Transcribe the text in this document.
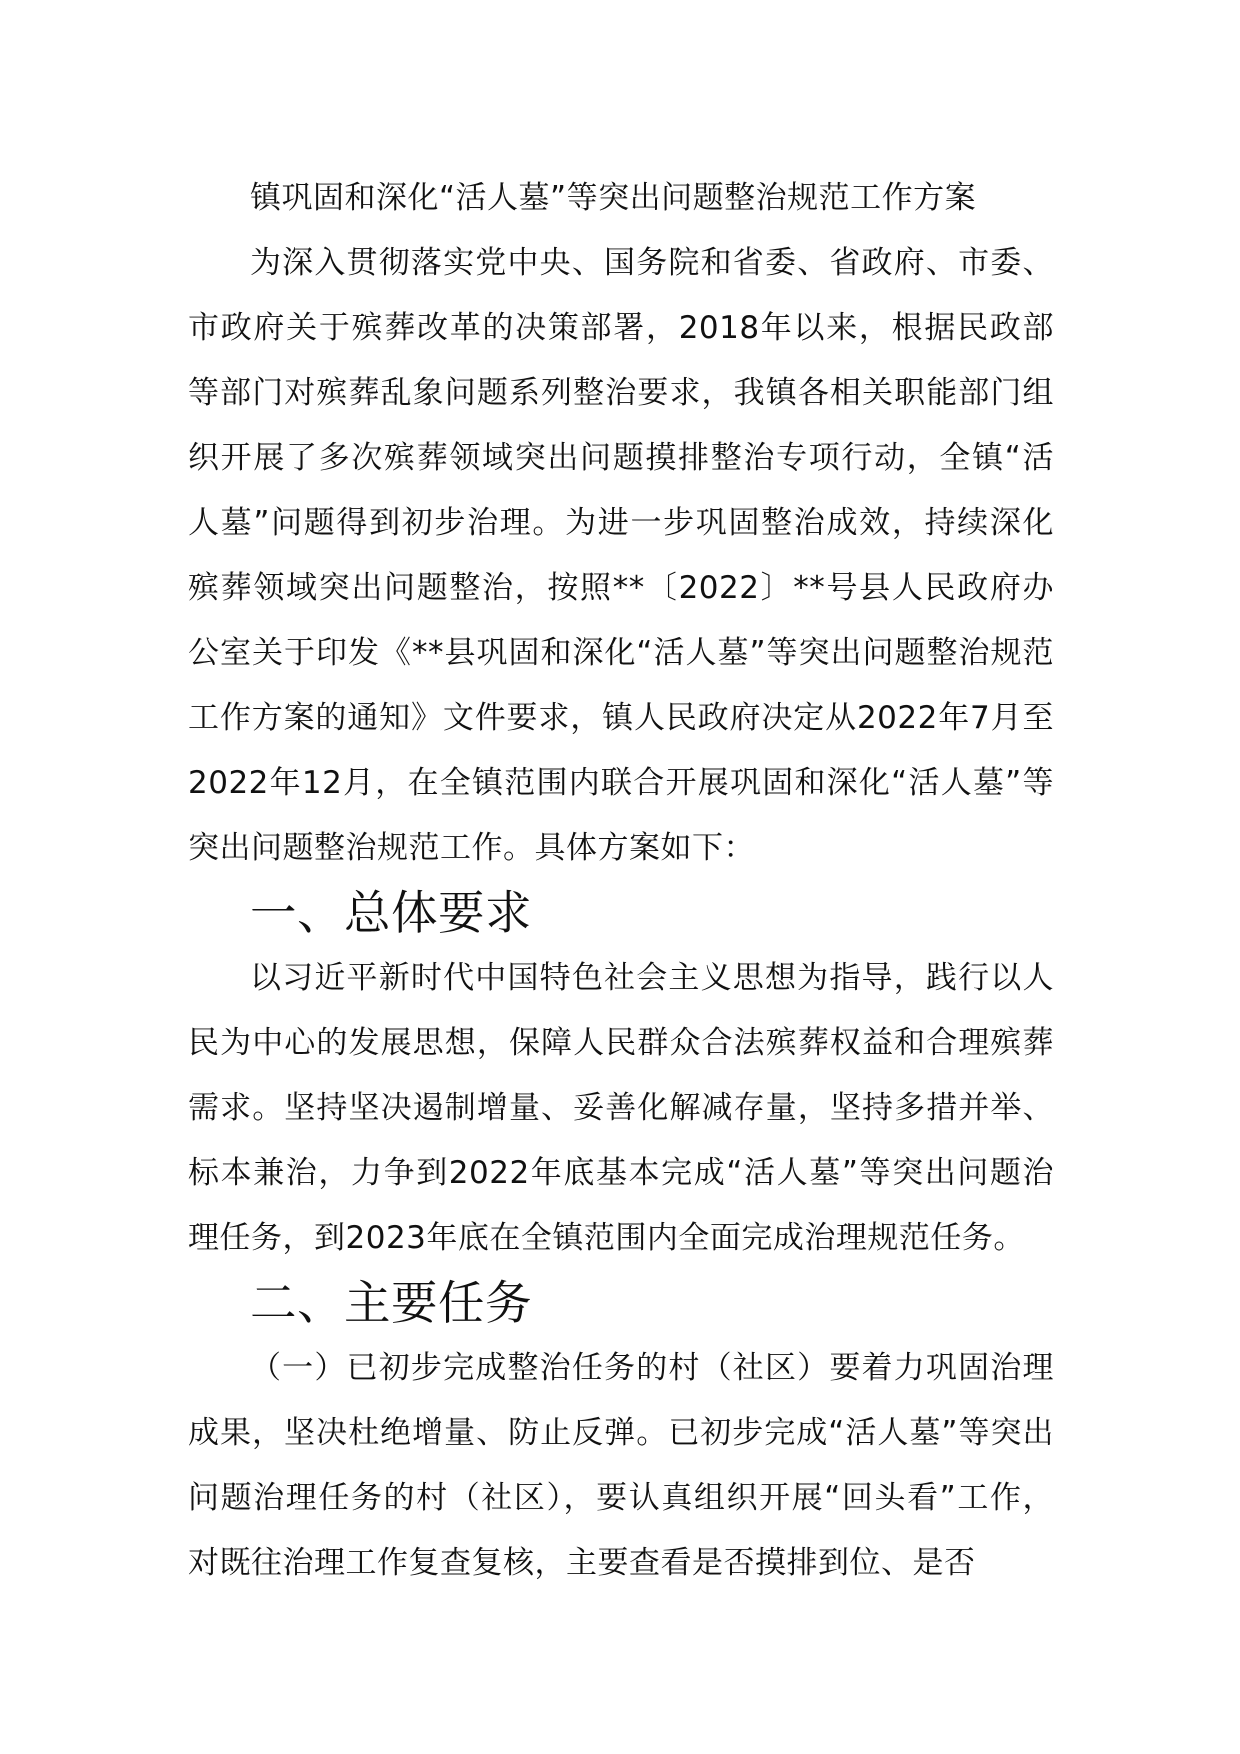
镇巩固和深化“活人墓”等突出问题整治规范工作方案

为深入贯彻落实党中央、国务院和省委、省政府、市委、市政府关于殡葬改革的决策部署，2018年以来，根据民政部等部门对殡葬乱象问题系列整治要求，我镇各相关职能部门组织开展了多次殡葬领域突出问题摸排整治专项行动，全镇“活人墓”问题得到初步治理。为进一步巩固整治成效，持续深化殡葬领域突出问题整治，按照**〔2022〕**号县人民政府办公室关于印发《**县巩固和深化“活人墓”等突出问题整治规范工作方案的通知》文件要求，镇人民政府决定从2022年7月至2022年12月，在全镇范围内联合开展巩固和深化“活人墓”等突出问题整治规范工作。具体方案如下：

一、总体要求

以习近平新时代中国特色社会主义思想为指导，践行以人民为中心的发展思想，保障人民群众合法殡葬权益和合理殡葬需求。坚持坚决遏制增量、妥善化解减存量，坚持多措并举、标本兼治，力争到2022年底基本完成“活人墓”等突出问题治理任务，到2023年底在全镇范围内全面完成治理规范任务。

二、主要任务

（一）已初步完成整治任务的村（社区）要着力巩固治理成果，坚决杜绝增量、防止反弹。已初步完成“活人墓”等突出问题治理任务的村（社区），要认真组织开展“回头看”工作，对既往治理工作复查复核，主要查看是否摸排到位、是否
